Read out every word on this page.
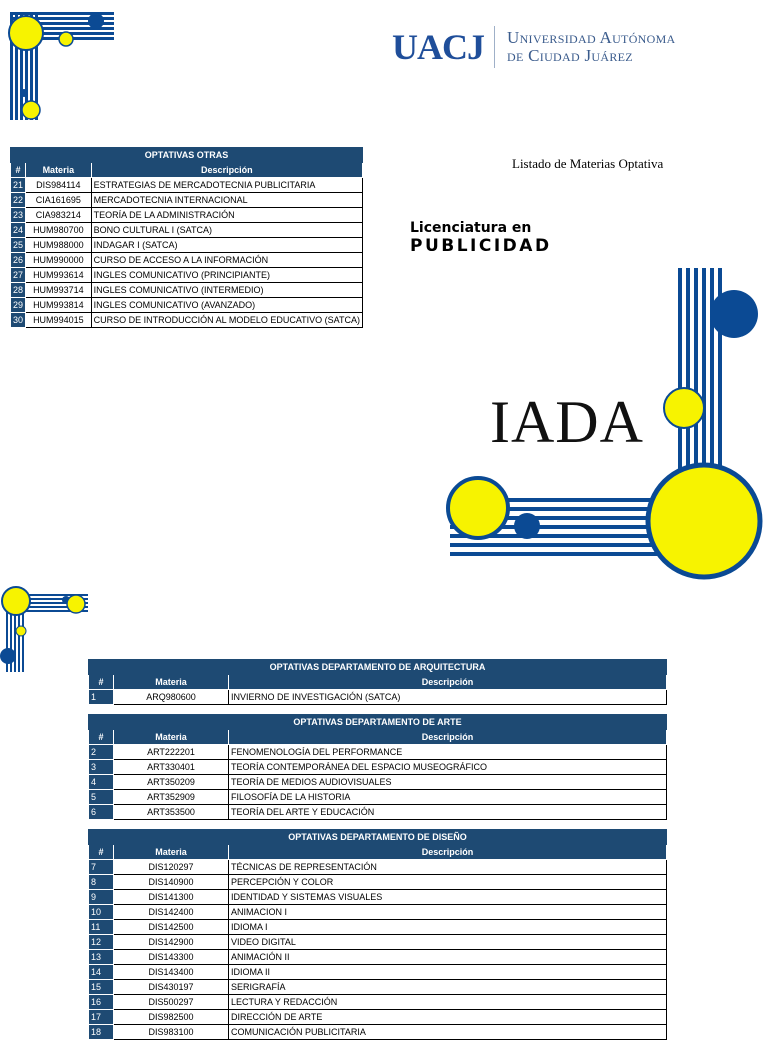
UACJ Universidad Autónoma
de Ciudad Juárez
OPTATIVAS OTRAS		
#	Materia	Descripción
21	DIS984114	ESTRATEGIAS DE MERCADOTECNIA PUBLICITARIA
22	CIA161695	MERCADOTECNIA INTERNACIONAL
23	CIA983214	TEORÍA DE LA ADMINISTRACIÓN
24	HUM980700	BONO CULTURAL I (SATCA)
25	HUM988000	INDAGAR I (SATCA)
26	HUM990000	CURSO DE ACCESO A LA INFORMACIÓN
27	HUM993614	INGLES COMUNICATIVO (PRINCIPIANTE)
28	HUM993714	INGLES COMUNICATIVO (INTERMEDIO)
29	HUM993814	INGLES COMUNICATIVO (AVANZADO)
30	HUM994015	CURSO DE INTRODUCCIÓN AL MODELO EDUCATIVO (SATCA)
Listado de Materias Optativa
Licenciatura en
PUBLICIDAD
IADA
OPTATIVAS DEPARTAMENTO DE ARQUITECTURA		
#	Materia	Descripción
1	ARQ980600	INVIERNO DE INVESTIGACIÓN (SATCA)
OPTATIVAS DEPARTAMENTO DE ARTE		
#	Materia	Descripción
2	ART222201	FENOMENOLOGÍA DEL PERFORMANCE
3	ART330401	TEORÍA CONTEMPORÁNEA DEL ESPACIO MUSEOGRÁFICO
4	ART350209	TEORÍA DE MEDIOS AUDIOVISUALES
5	ART352909	FILOSOFÍA DE LA HISTORIA
6	ART353500	TEORÍA DEL ARTE Y EDUCACIÓN
OPTATIVAS DEPARTAMENTO DE DISEÑO		
#	Materia	Descripción
7	DIS120297	TÉCNICAS DE REPRESENTACIÓN
8	DIS140900	PERCEPCIÓN Y COLOR
9	DIS141300	IDENTIDAD Y SISTEMAS VISUALES
10	DIS142400	ANIMACION I
11	DIS142500	IDIOMA I
12	DIS142900	VIDEO DIGITAL
13	DIS143300	ANIMACIÓN II
14	DIS143400	IDIOMA II
15	DIS430197	SERIGRAFÍA
16	DIS500297	LECTURA Y REDACCIÓN
17	DIS982500	DIRECCIÓN DE ARTE
18	DIS983100	COMUNICACIÓN PUBLICITARIA
